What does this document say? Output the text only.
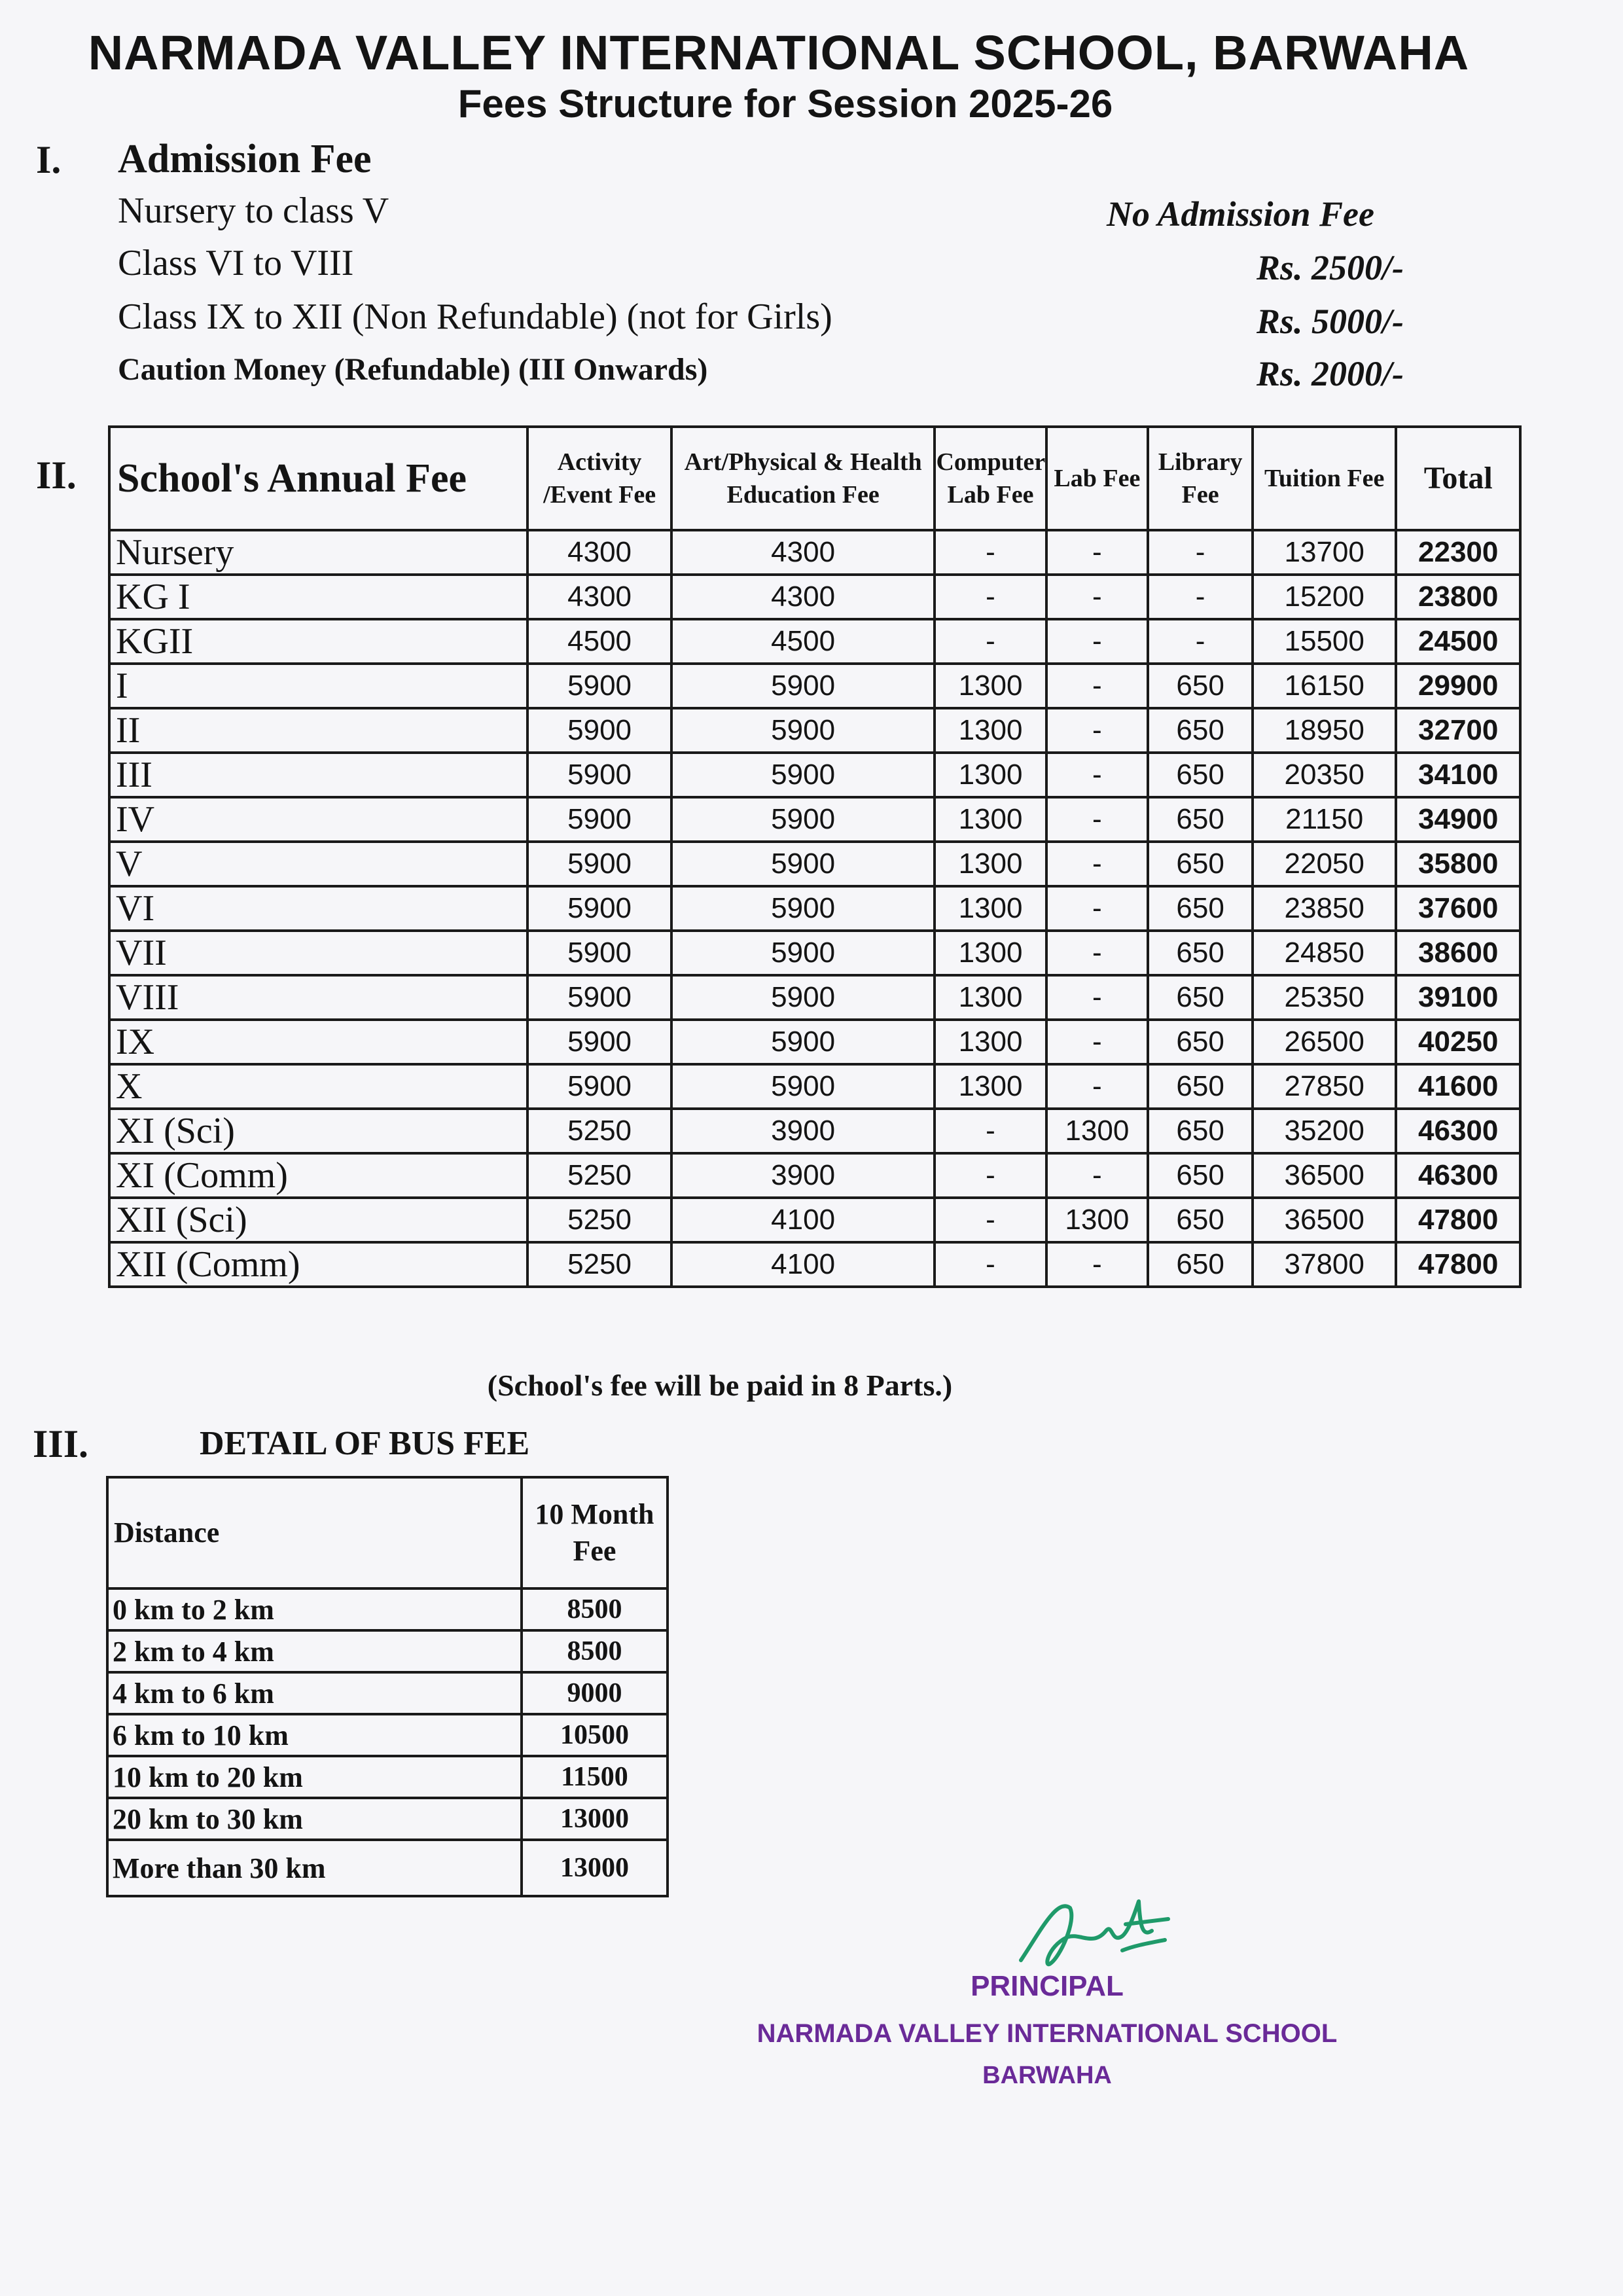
NARMADA VALLEY INTERNATIONAL SCHOOL, BARWAHA
Fees Structure for Session 2025-26
I. Admission Fee
Nursery to class V	No Admission Fee
Class VI to VIII	Rs. 2500/-
Class IX to XII (Non Refundable) (not for Girls)	Rs. 5000/-
Caution Money (Refundable) (III Onwards)	Rs. 2000/-
II. School's Annual Fee	Activity /Event Fee	Art/Physical & Health Education Fee	Computer Lab Fee	Lab Fee	Library Fee	Tuition Fee	Total
Nursery	4300	4300	-	-	-	13700	22300
KG I	4300	4300	-	-	-	15200	23800
KGII	4500	4500	-	-	-	15500	24500
I	5900	5900	1300	-	650	16150	29900
II	5900	5900	1300	-	650	18950	32700
III	5900	5900	1300	-	650	20350	34100
IV	5900	5900	1300	-	650	21150	34900
V	5900	5900	1300	-	650	22050	35800
VI	5900	5900	1300	-	650	23850	37600
VII	5900	5900	1300	-	650	24850	38600
VIII	5900	5900	1300	-	650	25350	39100
IX	5900	5900	1300	-	650	26500	40250
X	5900	5900	1300	-	650	27850	41600
XI (Sci)	5250	3900	-	1300	650	35200	46300
XI (Comm)	5250	3900	-	-	650	36500	46300
XII (Sci)	5250	4100	-	1300	650	36500	47800
XII (Comm)	5250	4100	-	-	650	37800	47800
(School's fee will be paid in 8 Parts.)
III.	DETAIL OF BUS FEE
Distance	10 Month Fee
0 km to 2 km	8500
2 km to 4 km	8500
4 km to 6 km	9000
6 km to 10 km	10500
10 km to 20 km	11500
20 km to 30 km	13000
More than 30 km	13000
PRINCIPAL
NARMADA VALLEY INTERNATIONAL SCHOOL
BARWAHA
